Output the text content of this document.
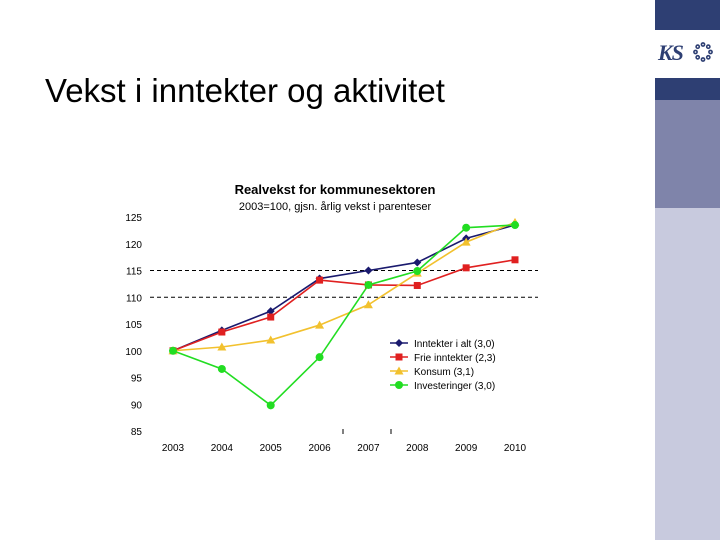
KS
Vekst i inntekter og aktivitet
Realvekst for kommunesektoren
2003=100, gjsn. årlig vekst i parenteser
85
90
95
100
105
110
115
120
125
2003	2004	2005	2006	2007	2008	2009	2010
Inntekter i alt (3,0)
Frie inntekter (2,3)
Konsum (3,1)
Investeringer (3,0)
